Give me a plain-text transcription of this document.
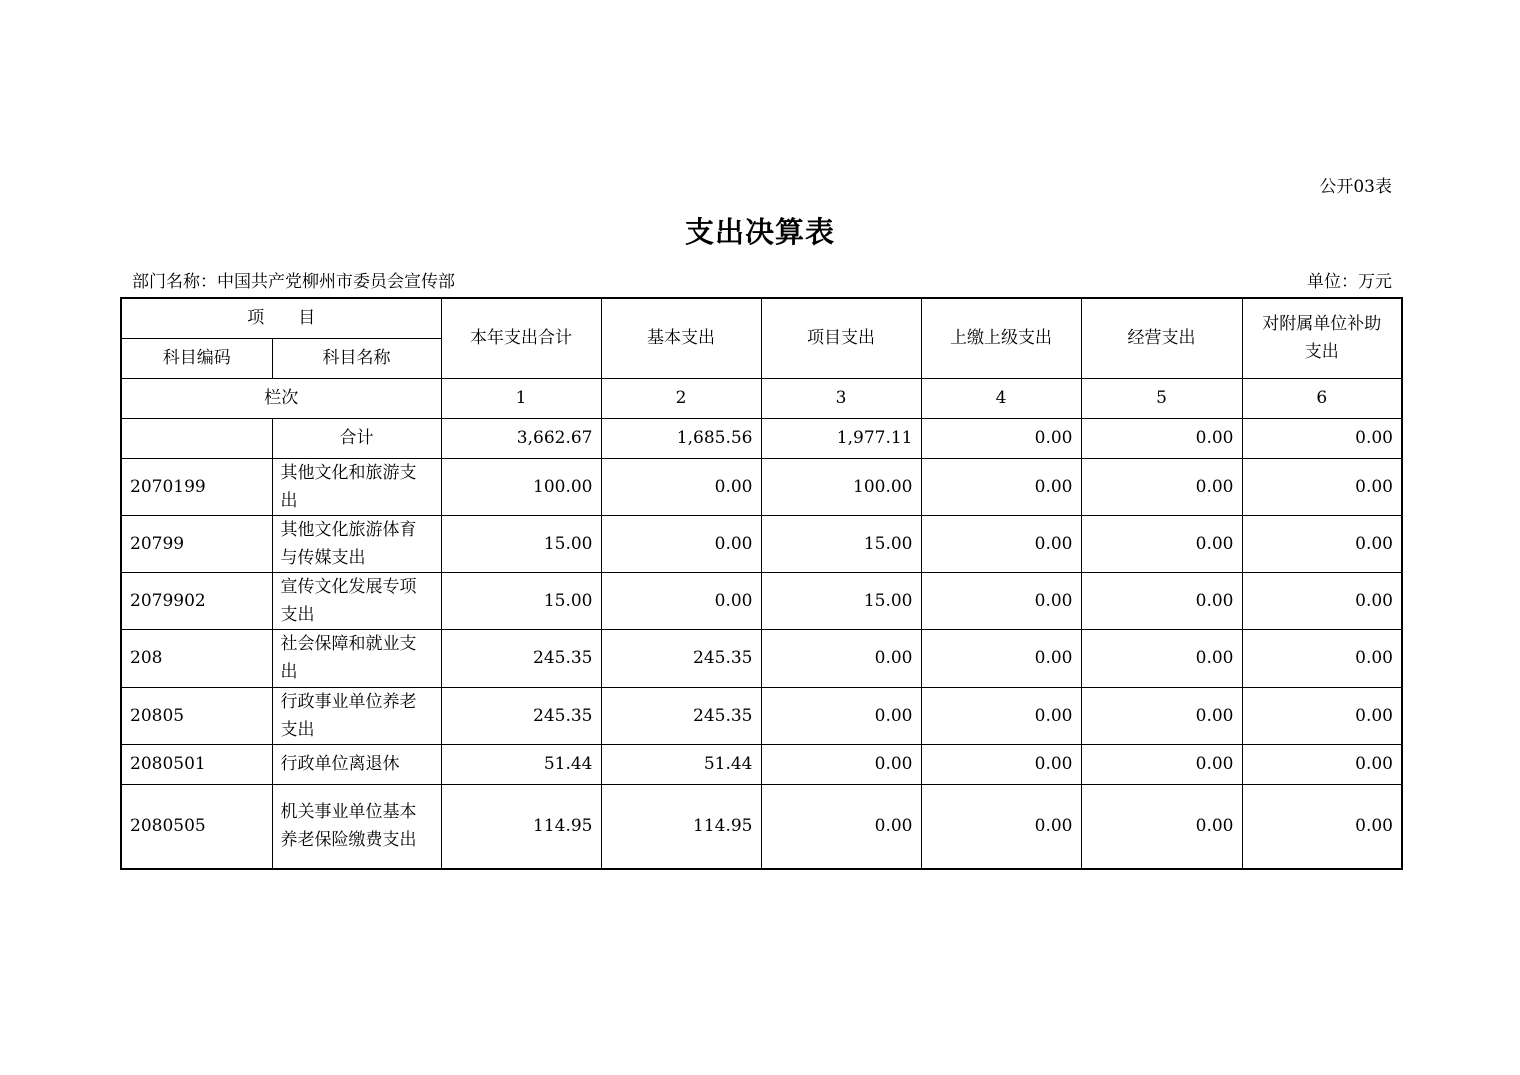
公开03表
支出决算表
部门名称：中国共产党柳州市委员会宣传部	单位：万元
项　　目		本年支出合计	基本支出	项目支出	上缴上级支出	经营支出	对附属单位补助支出
科目编码	科目名称						
栏次		1	2	3	4	5	6
	合计	3,662.67	1,685.56	1,977.11	0.00	0.00	0.00
2070199	其他文化和旅游支出	100.00	0.00	100.00	0.00	0.00	0.00
20799	其他文化旅游体育与传媒支出	15.00	0.00	15.00	0.00	0.00	0.00
2079902	宣传文化发展专项支出	15.00	0.00	15.00	0.00	0.00	0.00
208	社会保障和就业支出	245.35	245.35	0.00	0.00	0.00	0.00
20805	行政事业单位养老支出	245.35	245.35	0.00	0.00	0.00	0.00
2080501	行政单位离退休	51.44	51.44	0.00	0.00	0.00	0.00
2080505	机关事业单位基本养老保险缴费支出	114.95	114.95	0.00	0.00	0.00	0.00
